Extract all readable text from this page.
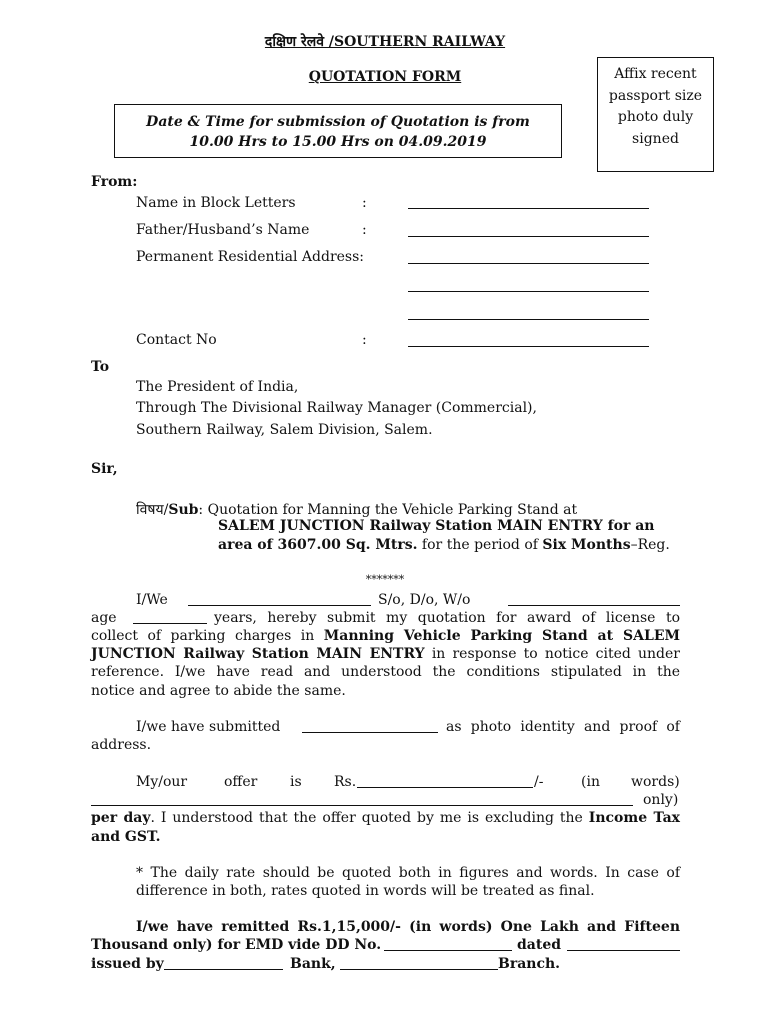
दक्षिण रेलवे /SOUTHERN RAILWAY
QUOTATION FORM
Date & Time for submission of Quotation is from
10.00 Hrs to 15.00 Hrs on 04.09.2019
Affix recent passport size photo duly signed
From:
Name in Block Letters	:
Father/Husband’s Name	:
Permanent Residential Address:
Contact No	:
To
The President of India,
Through The Divisional Railway Manager (Commercial),
Southern Railway, Salem Division, Salem.
Sir,
विषय/Sub: Quotation for Manning the Vehicle Parking Stand at
SALEM JUNCTION Railway Station MAIN ENTRY for an
area of 3607.00 Sq. Mtrs. for the period of Six Months–Reg.
*******
I/We	S/o, D/o, W/o
age	years, hereby submit my quotation for award of license to
collect of parking charges in Manning Vehicle Parking Stand at SALEM
JUNCTION Railway Station MAIN ENTRY in response to notice cited under
reference. I/we have read and understood the conditions stipulated in the
notice and agree to abide the same.
I/we have submitted	as photo identity and proof of
address.
My/our	offer is Rs.	/-	(in words)
only)
per day. I understood that the offer quoted by me is excluding the Income Tax
and GST.
* The daily rate should be quoted both in figures and words. In case of
difference in both, rates quoted in words will be treated as final.
I/we have remitted Rs.1,15,000/- (in words) One Lakh and Fifteen
Thousand only) for EMD vide DD No.	dated
issued by	Bank,	Branch.
